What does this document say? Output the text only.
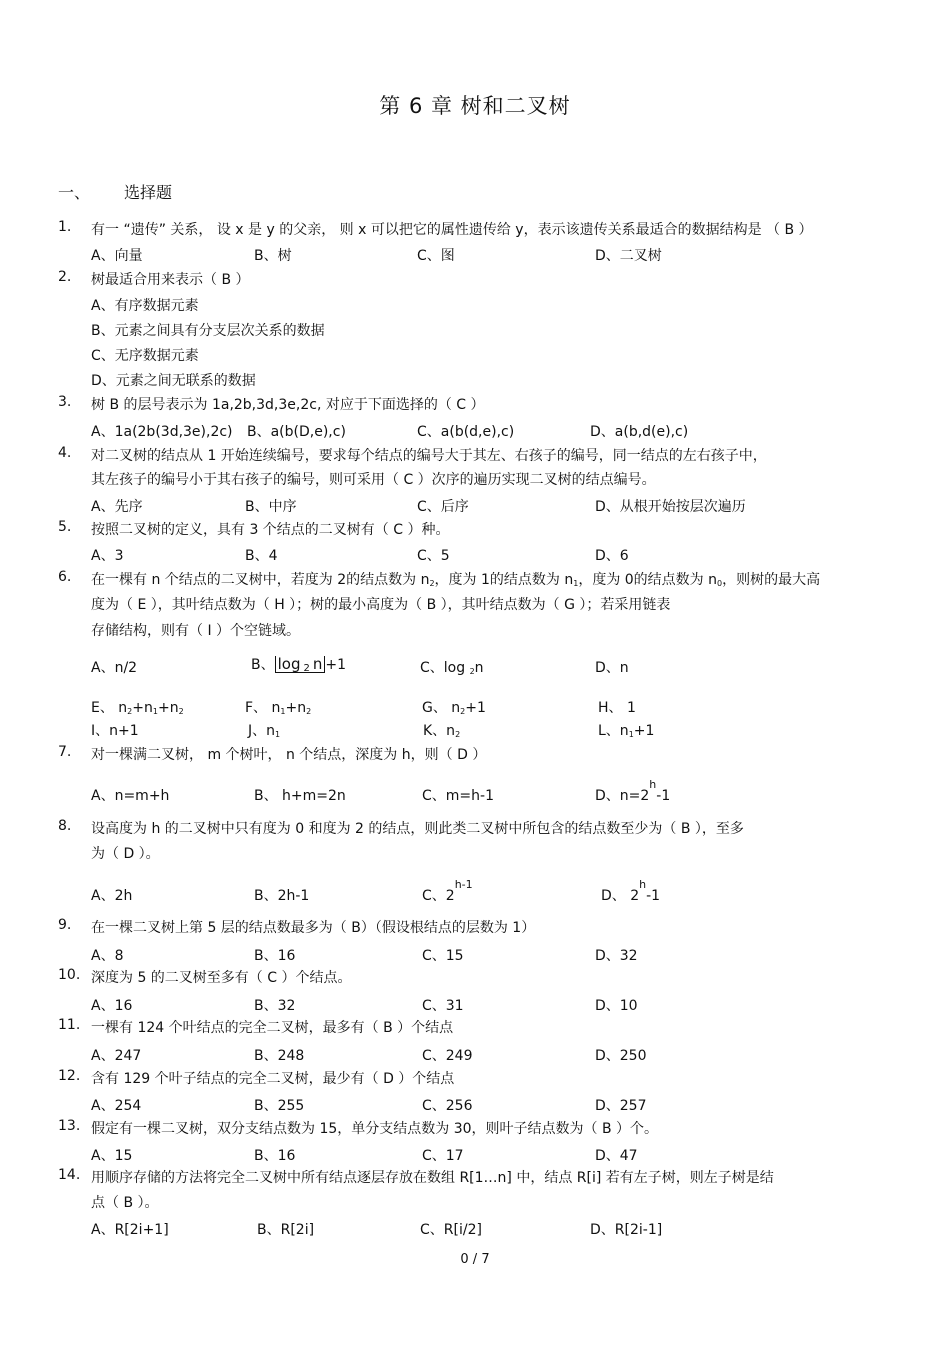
第 6 章 树和二叉树
一、 选择题
1. 有一 “遗传” 关系， 设 x 是 y 的父亲， 则 x 可以把它的属性遗传给 y，表示该遗传关系最适合的数据结构是 （ B ）
A、向量	B、树	C、图	D、二叉树
2. 树最适合用来表示（ B ）
A、有序数据元素
B、元素之间具有分支层次关系的数据
C、无序数据元素
D、元素之间无联系的数据
3. 树 B 的层号表示为 1a,2b,3d,3e,2c, 对应于下面选择的（ C ）
A、1a(2b(3d,3e),2c) B、a(b(D,e),c)	C、a(b(d,e),c)	D、a(b,d(e),c)
4. 对二叉树的结点从 1 开始连续编号，要求每个结点的编号大于其左、右孩子的编号，同一结点的左右孩子中，
其左孩子的编号小于其右孩子的编号，则可采用（ C ）次序的遍历实现二叉树的结点编号。
A、先序	B、中序	C、后序	D、从根开始按层次遍历
5. 按照二叉树的定义，具有 3 个结点的二叉树有（ C ）种。
A、3	B、4	C、5	D、6
6. 在一棵有 n 个结点的二叉树中，若度为 2的结点数为 $n_2$，度为 1的结点数为 $n_1$，度为 0的结点数为 $n_0$，则树的最大高
度为（ E ），其叶结点数为（ H ）；树的最小高度为（ B ），其叶结点数为（ G ）；若采用链表
存储结构，则有（ I ）个空链域。
A、n/2	B、 log 2 n +1	C、log $_2$n	D、n
E、 $n_2+n_1+n_2$	F、 $n_1+n_2$	G、 $n_2+1$	H、 1
I、n+1	J、$n_1$	K、$n_2$	L、$n_1+1$
7. 对一棵满二叉树， m 个树叶， n 个结点，深度为 h，则（ D ）
A、n=m+h	B、 h+m=2n	C、m=h-1	D、$n=2^h-1$
8. 设高度为 h 的二叉树中只有度为 0 和度为 2 的结点，则此类二叉树中所包含的结点数至少为（ B ），至多
为（ D ）。
A、2h	B、2h-1	C、2$^{h-1}$
D、 2$^h$-1
9. 在一棵二叉树上第 5 层的结点数最多为（ B）（假设根结点的层数为 1）
A、8	B、16	C、15	D、32
10. 深度为 5 的二叉树至多有（ C ）个结点。
A、16	B、32	C、31	D、10
11. 一棵有 124 个叶结点的完全二叉树，最多有（ B ）个结点
A、247	B、248	C、249	D、250
12. 含有 129 个叶子结点的完全二叉树，最少有（ D ）个结点
A、254	B、255	C、256	D、257
13. 假定有一棵二叉树，双分支结点数为 15，单分支结点数为 30，则叶子结点数为（ B ）个。
A、15	B、16	C、17	D、47
14. 用顺序存储的方法将完全二叉树中所有结点逐层存放在数组 R[1…n] 中，结点 R[i] 若有左子树，则左子树是结
点（ B ）。
A、R[2i+1]	B、R[2i]	C、R[i/2]	D、R[2i-1]
0 / 7
